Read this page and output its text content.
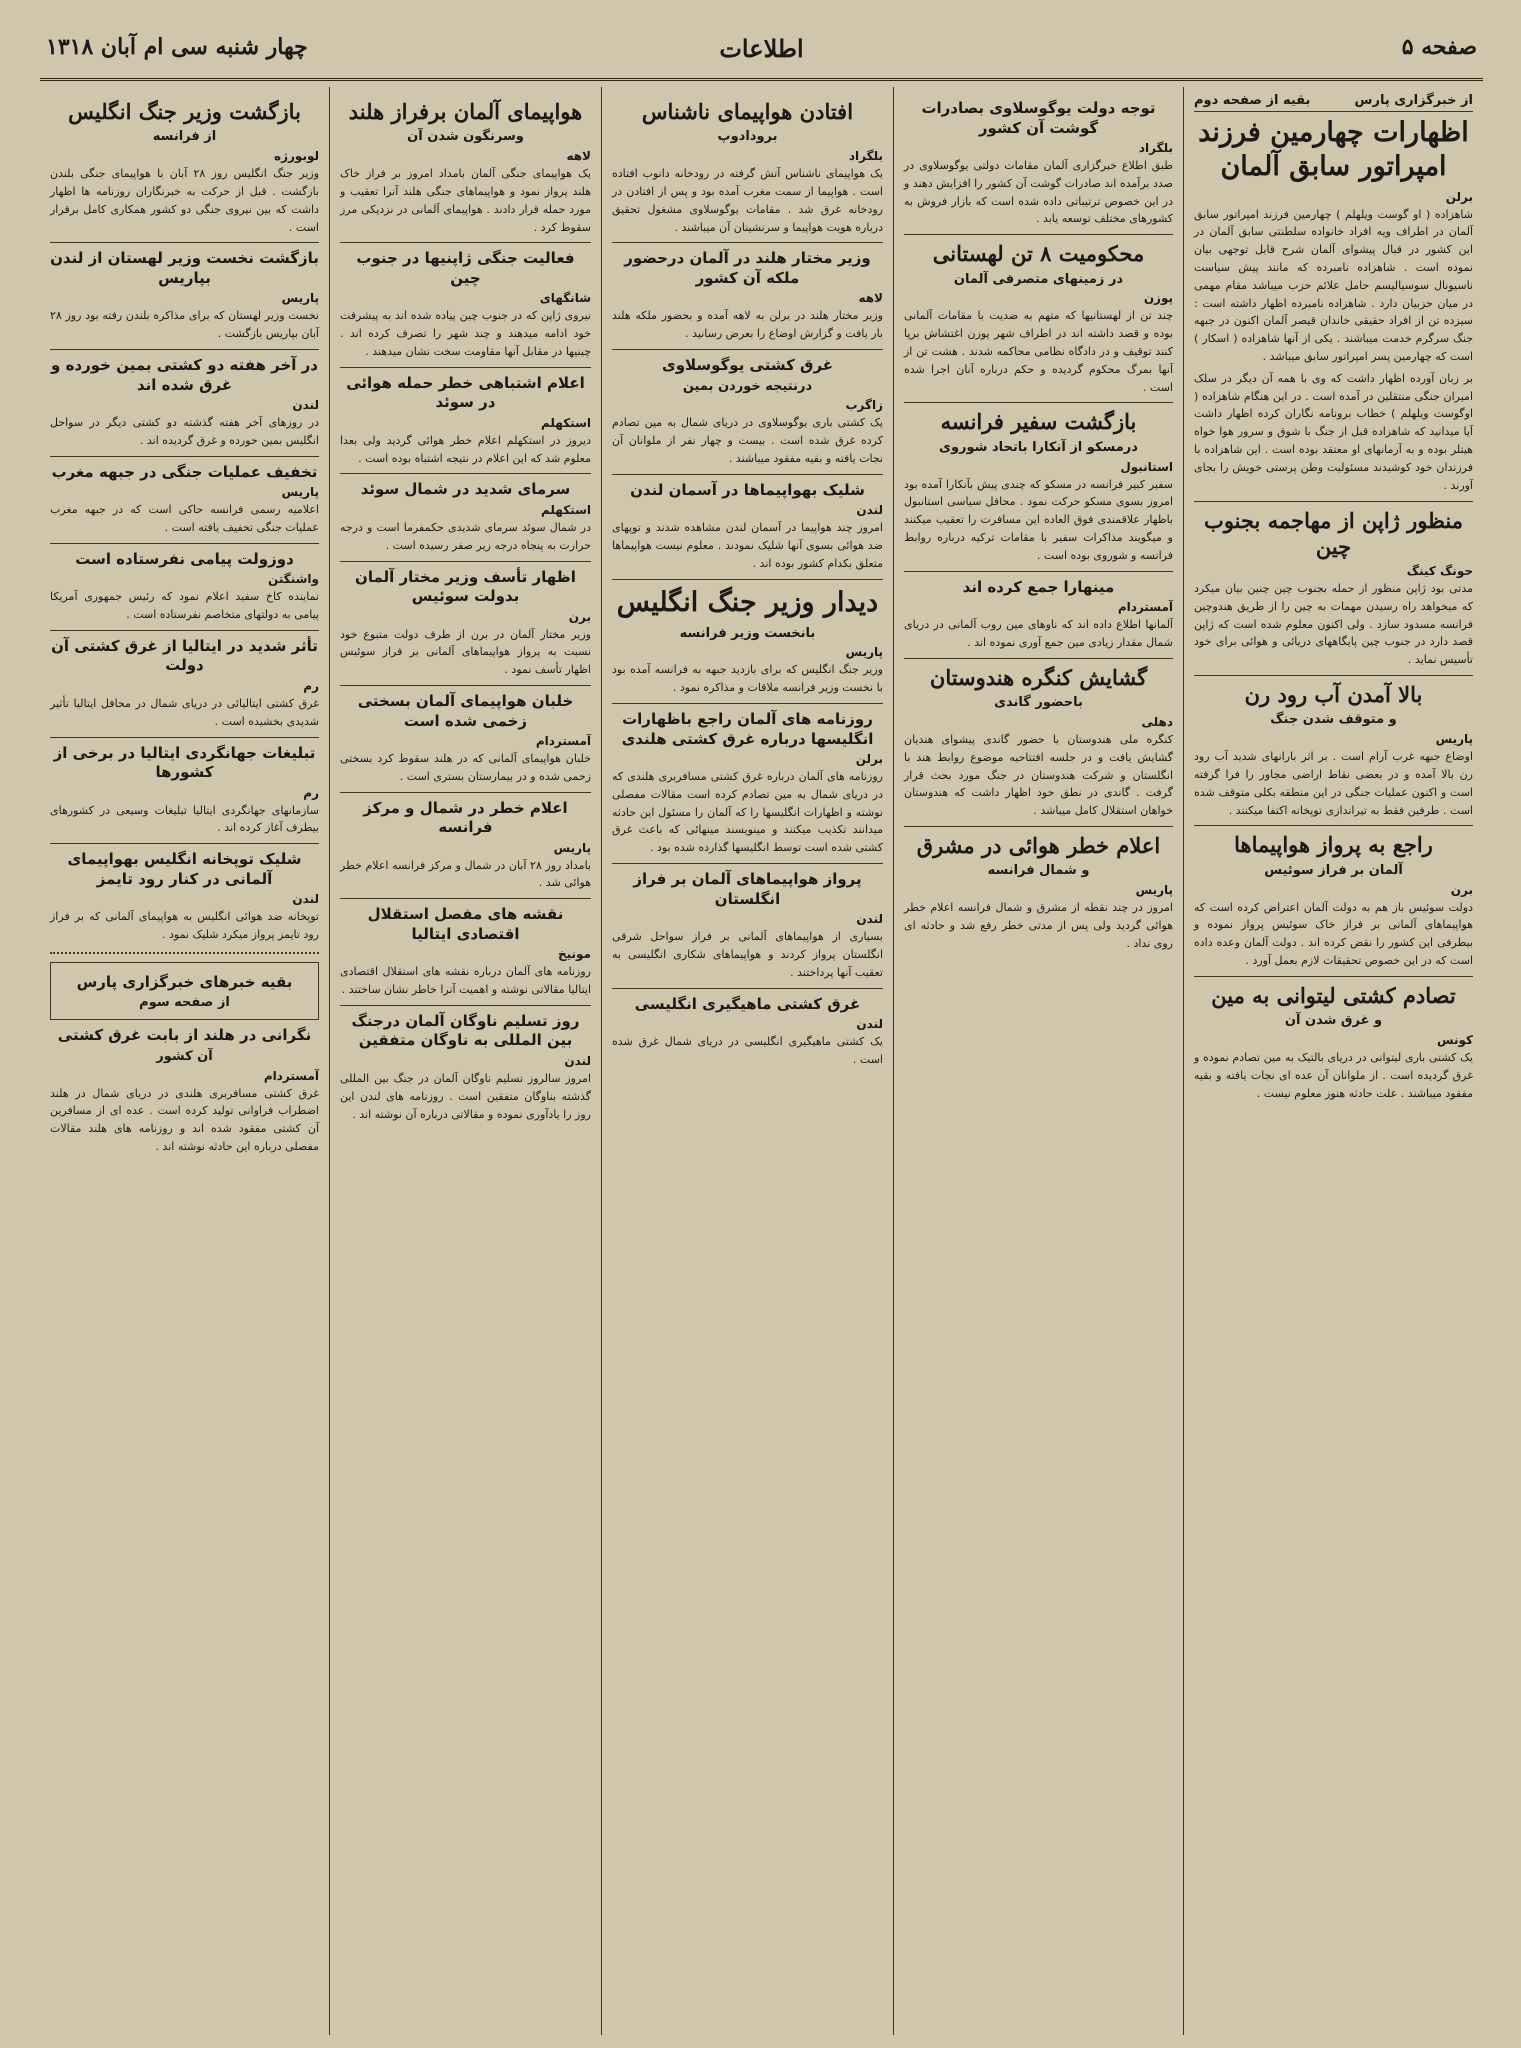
صفحه ۵
اطلاعات
چهار شنبه سی ام آبان ۱۳۱۸
از خبرگزاری پارس
بقیه از صفحه دوم
اظهارات چهارمین فرزند امپراتور سابق آلمان
برلن
شاهزاده ( او گوست ویلهلم ) چهارمین فرزند امپراتور سابق آلمان در اطراف ویه افراد خانواده سلطنتی سابق آلمان در این کشور در قبال پیشوای آلمان شرح قابل توجهی بیان نموده است . شاهزاده نامبرده که مانند پیش سیاست ناسیونال سوسیالیسم حامل علائم حزب میباشد مقام مهمی در میان حزبیان دارد . شاهزاده نامبرده اظهار داشته است : سیزده تن از افراد حقیقی خاندان قیصر آلمان اکنون در جبهه جنگ سرگرم خدمت میباشند . یکی از آنها شاهزاده ( اسکار ) است که چهارمین پسر امپراتور سابق میباشد .
بر زبان آورده اظهار داشت که وی با همه آن دیگر در سلک امیران جنگی منتقلین در آمده است . در این هنگام شاهزاده ( اوگوست ویلهلم ) خطاب برونامه نگاران کرده اظهار داشت آیا میدانید که شاهزاده قبل از جنگ با شوق و سرور هوا خواه هیتلر بوده و به آرمانهای او معتقد بوده است . این شاهزاده با فرزندان خود کوشیدند مسئولیت وطن پرستی خویش را بجای آورند .
منظور ژاپن از مهاجمه بجنوب چین
حونگ کینگ
مدتی بود ژاپن منظور از حمله بجنوب چین چنین بیان میکرد که میخواهد راه رسیدن مهمات به چین را از طریق هندوچین فرانسه مسدود سازد . ولی اکنون معلوم شده است که ژاپن قصد دارد در جنوب چین پایگاههای دریائی و هوائی برای خود تأسیس نماید .
بالا آمدن آب رود رن
و متوقف شدن جنگ
پاریس
اوضاع جبهه غرب آرام است . بر اثر بارانهای شدید آب رود رن بالا آمده و در بعضی نقاط اراضی مجاور را فرا گرفته است و اکنون عملیات جنگی در این منطقه بکلی متوقف شده است . طرفین فقط به تیراندازی توپخانه اکتفا میکنند .
راجع به پرواز هواپیماها
آلمان بر فراز سوئیس
برن
دولت سوئیس باز هم به دولت آلمان اعتراض کرده است که هواپیماهای آلمانی بر فراز خاک سوئیس پرواز نموده و بیطرفی این کشور را نقض کرده اند . دولت آلمان وعده داده است که در این خصوص تحقیقات لازم بعمل آورد .
تصادم کشتی لیتوانی به مین
و غرق شدن آن
کونس
یک کشتی باری لیتوانی در دریای بالتیک به مین تصادم نموده و غرق گردیده است . از ملوانان آن عده ای نجات یافته و بقیه مفقود میباشند . علت حادثه هنوز معلوم نیست .
توجه دولت یوگوسلاوی بصادرات گوشت آن کشور
بلگراد
طبق اطلاع خبرگزاری آلمان مقامات دولتی یوگوسلاوی در صدد برآمده اند صادرات گوشت آن کشور را افزایش دهند و در این خصوص ترتیباتی داده شده است که بازار فروش به کشورهای مختلف توسعه یابد .
محکومیت ۸ تن لهستانی
در زمینهای متصرفی آلمان
پوزن
چند تن از لهستانیها که متهم به ضدیت با مقامات آلمانی بوده و قصد داشته اند در اطراف شهر پوزن اغتشاش برپا کنند توقیف و در دادگاه نظامی محاکمه شدند . هشت تن از آنها بمرگ محکوم گردیده و حکم درباره آنان اجرا شده است .
بازگشت سفیر فرانسه
درمسکو از آنکارا باتحاد شوروی
استانبول
سفیر کبیر فرانسه در مسکو که چندی پیش بآنکارا آمده بود امروز بسوی مسکو حرکت نمود . محافل سیاسی استانبول باظهار علاقمندی فوق العاده این مسافرت را تعقیب میکنند و میگویند مذاکرات سفیر با مقامات ترکیه درباره روابط فرانسه و شوروی بوده است .
مینهارا جمع کرده اند
آمستردام
آلمانها اطلاع داده اند که ناوهای مین روب آلمانی در دریای شمال مقدار زیادی مین جمع آوری نموده اند .
گشایش کنگره هندوستان
باحضور گاندی
دهلی
کنگره ملی هندوستان با حضور گاندی پیشوای هندیان گشایش یافت و در جلسه افتتاحیه موضوع روابط هند با انگلستان و شرکت هندوستان در جنگ مورد بحث قرار گرفت . گاندی در نطق خود اظهار داشت که هندوستان خواهان استقلال کامل میباشد .
اعلام خطر هوائی در مشرق
و شمال فرانسه
پاریس
امروز در چند نقطه از مشرق و شمال فرانسه اعلام خطر هوائی گردید ولی پس از مدتی خطر رفع شد و حادثه ای روی نداد .
افتادن هواپیمای ناشناس
برودادوپ
بلگراد
یک هواپیمای ناشناس آتش گرفته در رودخانه دانوب افتاده است . هواپیما از سمت مغرب آمده بود و پس از افتادن در رودخانه غرق شد . مقامات یوگوسلاوی مشغول تحقیق درباره هویت هواپیما و سرنشینان آن میباشند .
وزیر مختار هلند در آلمان درحضور ملکه آن کشور
لاهه
وزیر مختار هلند در برلن به لاهه آمده و بحضور ملکه هلند بار یافت و گزارش اوضاع را بعرض رسانید .
غرق کشتی یوگوسلاوی
درنتیجه خوردن بمین
زاگرب
یک کشتی باری یوگوسلاوی در دریای شمال به مین تصادم کرده غرق شده است . بیست و چهار نفر از ملوانان آن نجات یافته و بقیه مفقود میباشند .
شلیک بهواپیماها در آسمان لندن
لندن
امروز چند هواپیما در آسمان لندن مشاهده شدند و توپهای ضد هوائی بسوی آنها شلیک نمودند . معلوم نیست هواپیماها متعلق بکدام کشور بوده اند .
دیدار وزیر جنگ انگلیس
بانخست وزیر فرانسه
پاریس
وزیر جنگ انگلیس که برای بازدید جبهه به فرانسه آمده بود با نخست وزیر فرانسه ملاقات و مذاکره نمود .
روزنامه های آلمان راجع باظهارات انگلیسها درباره غرق کشتی هلندی
برلن
روزنامه های آلمان درباره غرق کشتی مسافربری هلندی که در دریای شمال به مین تصادم کرده است مقالات مفصلی نوشته و اظهارات انگلیسها را که آلمان را مسئول این حادثه میدانند تکذیب میکنند و مینویسند مینهائی که باعث غرق کشتی شده است توسط انگلیسها گذارده شده بود .
پرواز هواپیماهای آلمان بر فراز انگلستان
لندن
بسیاری از هواپیماهای آلمانی بر فراز سواحل شرقی انگلستان پرواز کردند و هواپیماهای شکاری انگلیسی به تعقیب آنها پرداختند .
غرق کشتی ماهیگیری انگلیسی
لندن
یک کشتی ماهیگیری انگلیسی در دریای شمال غرق شده است .
هواپیمای آلمان برفراز هلند
وسرنگون شدن آن
لاهه
یک هواپیمای جنگی آلمان بامداد امروز بر فراز خاک هلند پرواز نمود و هواپیماهای جنگی هلند آنرا تعقیب و مورد حمله قرار دادند . هواپیمای آلمانی در نزدیکی مرز سقوط کرد .
فعالیت جنگی ژاپنیها در جنوب چین
شانگهای
نیروی ژاپن که در جنوب چین پیاده شده اند به پیشرفت خود ادامه میدهند و چند شهر را تصرف کرده اند . چینیها در مقابل آنها مقاومت سخت نشان میدهند .
اعلام اشتباهی خطر حمله هوائی در سوئد
استکهلم
دیروز در استکهلم اعلام خطر هوائی گردید ولی بعدا معلوم شد که این اعلام در نتیجه اشتباه بوده است .
سرمای شدید در شمال سوئد
استکهلم
در شمال سوئد سرمای شدیدی حکمفرما است و درجه حرارت به پنجاه درجه زیر صفر رسیده است .
اظهار تأسف وزیر مختار آلمان بدولت سوئیس
برن
وزیر مختار آلمان در برن از طرف دولت متبوع خود نسبت به پرواز هواپیماهای آلمانی بر فراز سوئیس اظهار تأسف نمود .
خلبان هواپیمای آلمان بسختی زخمی شده است
آمستردام
خلبان هواپیمای آلمانی که در هلند سقوط کرد بسختی زخمی شده و در بیمارستان بستری است .
اعلام خطر در شمال و مرکز فرانسه
پاریس
بامداد روز ۲۸ آبان در شمال و مرکز فرانسه اعلام خطر هوائی شد .
نقشه های مفصل استقلال اقتصادی ایتالیا
مونیخ
روزنامه های آلمان درباره نقشه های استقلال اقتصادی ایتالیا مقالاتی نوشته و اهمیت آنرا خاطر نشان ساختند .
روز تسلیم ناوگان آلمان درجنگ بین المللی به ناوگان متفقین
لندن
امروز سالروز تسلیم ناوگان آلمان در جنگ بین المللی گذشته بناوگان متفقین است . روزنامه های لندن این روز را یادآوری نموده و مقالاتی درباره آن نوشته اند .
بازگشت وزیر جنگ انگلیس
از فرانسه
لوبورژه
وزیر جنگ انگلیس روز ۲۸ آبان با هواپیمای جنگی بلندن بازگشت . قبل از حرکت به خبرنگاران روزنامه ها اظهار داشت که بین نیروی جنگی دو کشور همکاری کامل برقرار است .
بازگشت نخست وزیر لهستان از لندن بپاریس
پاریس
نخست وزیر لهستان که برای مذاکره بلندن رفته بود روز ۲۸ آبان بپاریس بازگشت .
در آخر هفته دو کشتی بمین خورده و غرق شده اند
لندن
در روزهای آخر هفته گذشته دو کشتی دیگر در سواحل انگلیس بمین خورده و غرق گردیده اند .
تخفیف عملیات جنگی در جبهه مغرب
پاریس
اعلامیه رسمی فرانسه حاکی است که در جبهه مغرب عملیات جنگی تخفیف یافته است .
دوزولت پیامی نفرستاده است
واشنگتن
نماینده کاخ سفید اعلام نمود که رئیس جمهوری آمریکا پیامی به دولتهای متخاصم نفرستاده است .
تأثر شدید در ایتالیا از غرق کشتی آن دولت
رم
غرق کشتی ایتالیائی در دریای شمال در محافل ایتالیا تأثیر شدیدی بخشیده است .
تبلیغات جهانگردی ایتالیا در برخی از کشورها
رم
سازمانهای جهانگردی ایتالیا تبلیغات وسیعی در کشورهای بیطرف آغاز کرده اند .
شلیک توپخانه انگلیس بهواپیمای آلمانی در کنار رود تایمز
لندن
توپخانه ضد هوائی انگلیس به هواپیمای آلمانی که بر فراز رود تایمز پرواز میکرد شلیک نمود .
بقیه خبرهای خبرگزاری پارس
از صفحه سوم
نگرانی در هلند از بابت غرق کشتی
آن کشور
آمستردام
غرق کشتی مسافربری هلندی در دریای شمال در هلند اضطراب فراوانی تولید کرده است . عده ای از مسافرین آن کشتی مفقود شده اند و روزنامه های هلند مقالات مفصلی درباره این حادثه نوشته اند .
